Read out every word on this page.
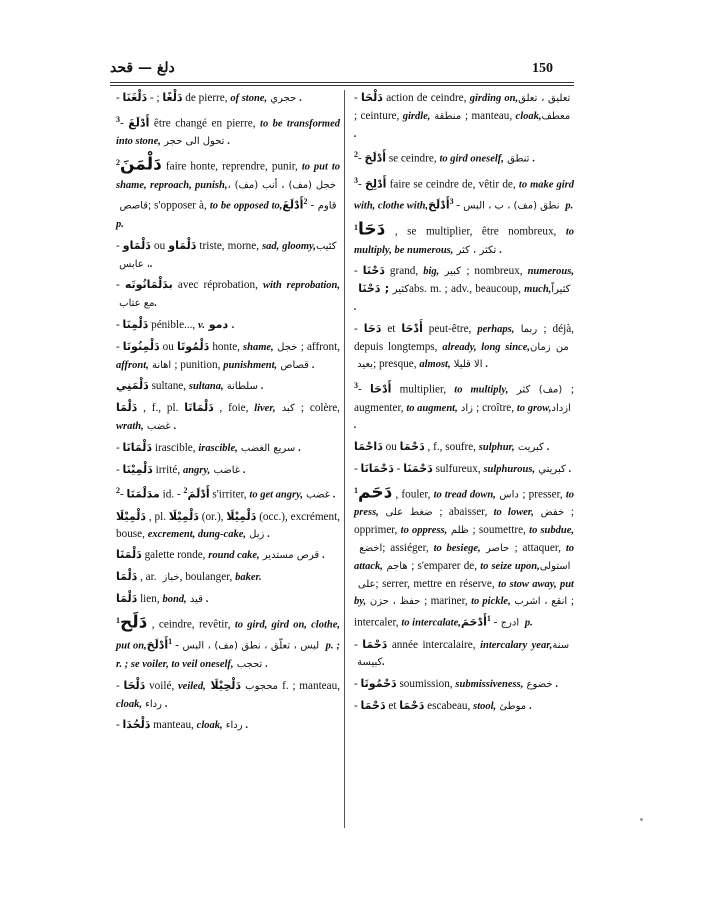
دلغ — قحد	150

-	دَلْغًا ; - دَلْغَنَا	de pierre, of stone, حجري .

$^3$- أَدْلَغَ être changé en pierre, to be transformed into stone, تحول الى حجر .

$^2$دَلْمَنَ faire honte, reprendre, punir, to put to shame, reproach, punish, خجل (مف) ، أنب (مف) ، قاصص ; s'opposer à, to be opposed to,	قاوم - $^2$أَدْلَغَ p.

- دَلْمَاو ou دَلْمَاو triste, morne, sad, gloomy, كئيب ، عابس .

- بدَلْمَانُوتَه avec réprobation, with reprobation, مع عتاب .

- دَلْمِنَا pénible..., v. دمو .

- دَلْمِنُوتَا ou دَلْمُوتَا honte, shame, خجل ; affront, affront, اهانة ; punition, punishment, قصاص .

دَلْمَنِي sultane, sultana, سلطانة .

دَلْمَا , f., pl. دَلْمَاتَا , foie, liver, كبد ; colère, wrath, غضب .

- دَلْمَانَا irascible, irascible, سريع الغضب .

- دَلْمِيْنَا irrité, angry, غاضب .

$^2$- مدَلْمَنَا id. - $^2$أَدْلَمَ s'irriter, to get angry, غضب .

دَلْمِيْلَا , pl. دَلْمِيْلَا (or.), دَلْمِيْلَا (occ.), excrément, bouse, excrement, dung-cake, زبل .

دَلْمَنَا galette ronde, round cake, قرص مستدير .

دَلْمَا , ar. خباز , boulanger, baker.

دَلْمَا lien, bond, قيد .

$^1$دَلَح , ceindre, revêtir, to gird, gird on, clothe, put on,	لبس ، تعلّق ، نطق (مف) ، البس - $^1$أَدْلَحَ	p. ; r. ; se voiler, to veil oneself, تحجب .

- دَلْحَا voilé, veiled,	محجوب دَلْحِيْلَا	f. ; manteau, cloak, رداء .

- دَلْحُدَا manteau, cloak, رداء .

- دَلْحَا action de ceindre, girding on, تعليق ، تعلق ; ceinture, girdle, منطقة ; manteau, cloak, معطف .

$^2$- أَدْلَحَ se ceindre, to gird oneself, تنطق .

$^3$- أَدْلِحَ faire se ceindre de, vêtir de, to make gird with, clothe with,	نطق (مف) ، ب ، البس - $^3$أَدْلَحَ	p.

$^1$دَحَا , se multiplier, être nombreux, to multiply, be numerous, تكثر ، كثر .

- دَحْنَا grand, big, كبير ; nombreux, numerous, كثير ; دَحْنَا abs. m. ; adv., beaucoup, much, كثيراً .

- دَحَا et أَدْحَا peut-être, perhaps, ربما ; déjà, depuis longtemps, already, long since, من زمان بعيد ; presque, almost, الا قليلا .

$^3$- أَدْحَا multiplier, to multiply, (مف) كثر ; augmenter, to augment, زاد ; croître, to grow, ازداد .

دَاحْمَا ou دَحْمَا , f., soufre, sulphur, كبريت .

-	دَحْمَنَا - دَحْمَانَا	sulfureux, sulphurous, كبريتي .

$^1$دَحَم , fouler, to tread down, داس ; presser, to press, ضغط على ; abaisser, to lower, خفض ; opprimer, to oppress, ظلم ; soumettre, to subdue, اخضع ; assiéger, to besiege, حاصر ; attaquer, to attack, هاجم ; s'emparer de, to seize upon, استولى على ; serrer, mettre en réserve, to stow away, put by, حفظ ، حزن ; mariner, to pickle, انقع ، اشرب ; intercaler, to intercalate,	ادرج - $^1$أَدْحَمَ	p.

- دَحْمَا année intercalaire, intercalary year, سنة كبيسة .

- دَحْمُوتَا soumission, submissiveness, خضوع .

- دَحْمَا et دَحْمَا escabeau, stool, موطئ .
